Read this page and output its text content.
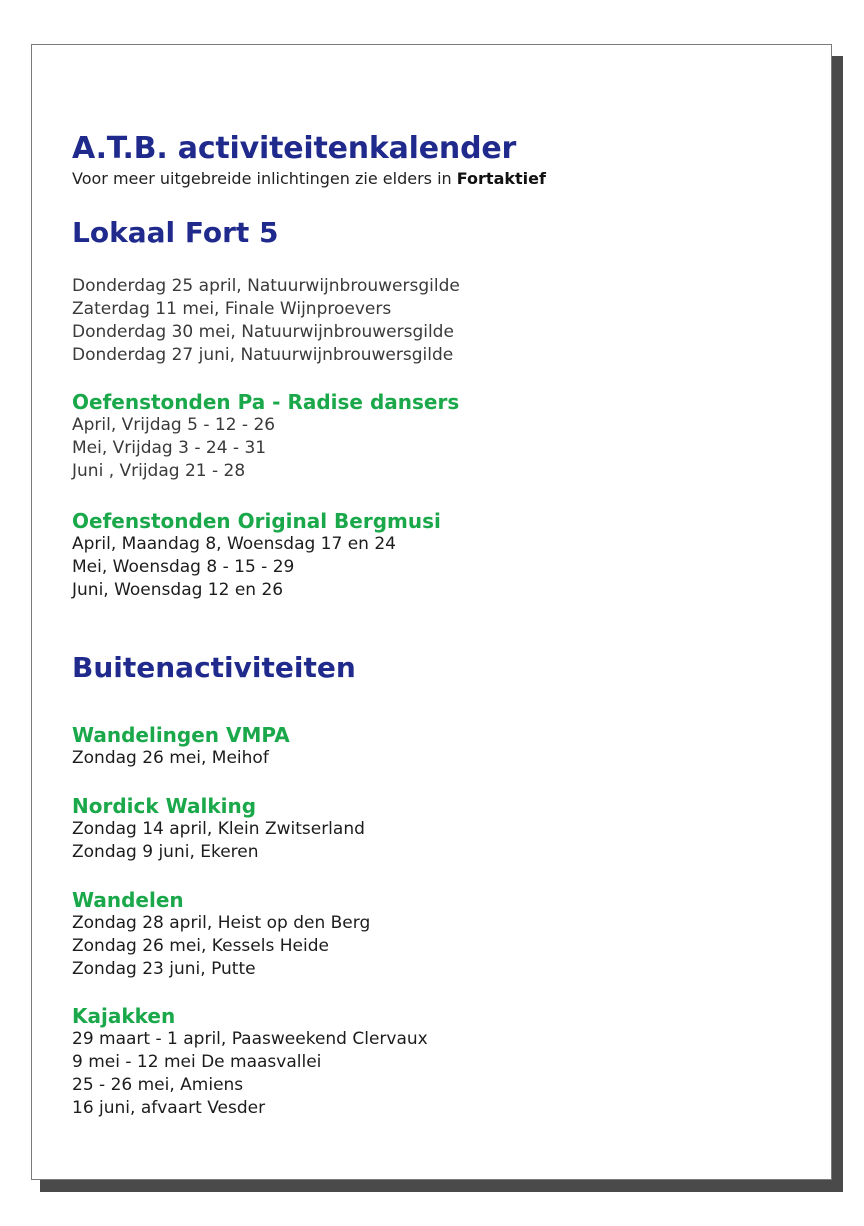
A.T.B. activiteitenkalender

Voor meer uitgebreide inlichtingen zie elders in Fortaktief

Lokaal Fort 5
Donderdag 25 april, Natuurwijnbrouwersgilde
Zaterdag 11 mei, Finale Wijnproevers
Donderdag 30 mei, Natuurwijnbrouwersgilde
Donderdag 27 juni, Natuurwijnbrouwersgilde
Oefenstonden Pa - Radise dansers
April, Vrijdag 5 - 12 - 26
Mei, Vrijdag 3 - 24 - 31
Juni , Vrijdag 21 - 28
Oefenstonden Original Bergmusi
April, Maandag 8, Woensdag 17 en 24
Mei, Woensdag 8 - 15 - 29
Juni, Woensdag 12 en 26
Buitenactiviteiten
Wandelingen VMPA
Zondag 26 mei, Meihof
Nordick Walking
Zondag 14 april, Klein Zwitserland
Zondag 9 juni, Ekeren
Wandelen
Zondag 28 april, Heist op den Berg
Zondag 26 mei, Kessels Heide
Zondag 23 juni, Putte
Kajakken
29 maart - 1 april, Paasweekend Clervaux
9 mei - 12 mei De maasvallei
25 - 26 mei, Amiens
16 juni, afvaart Vesder
